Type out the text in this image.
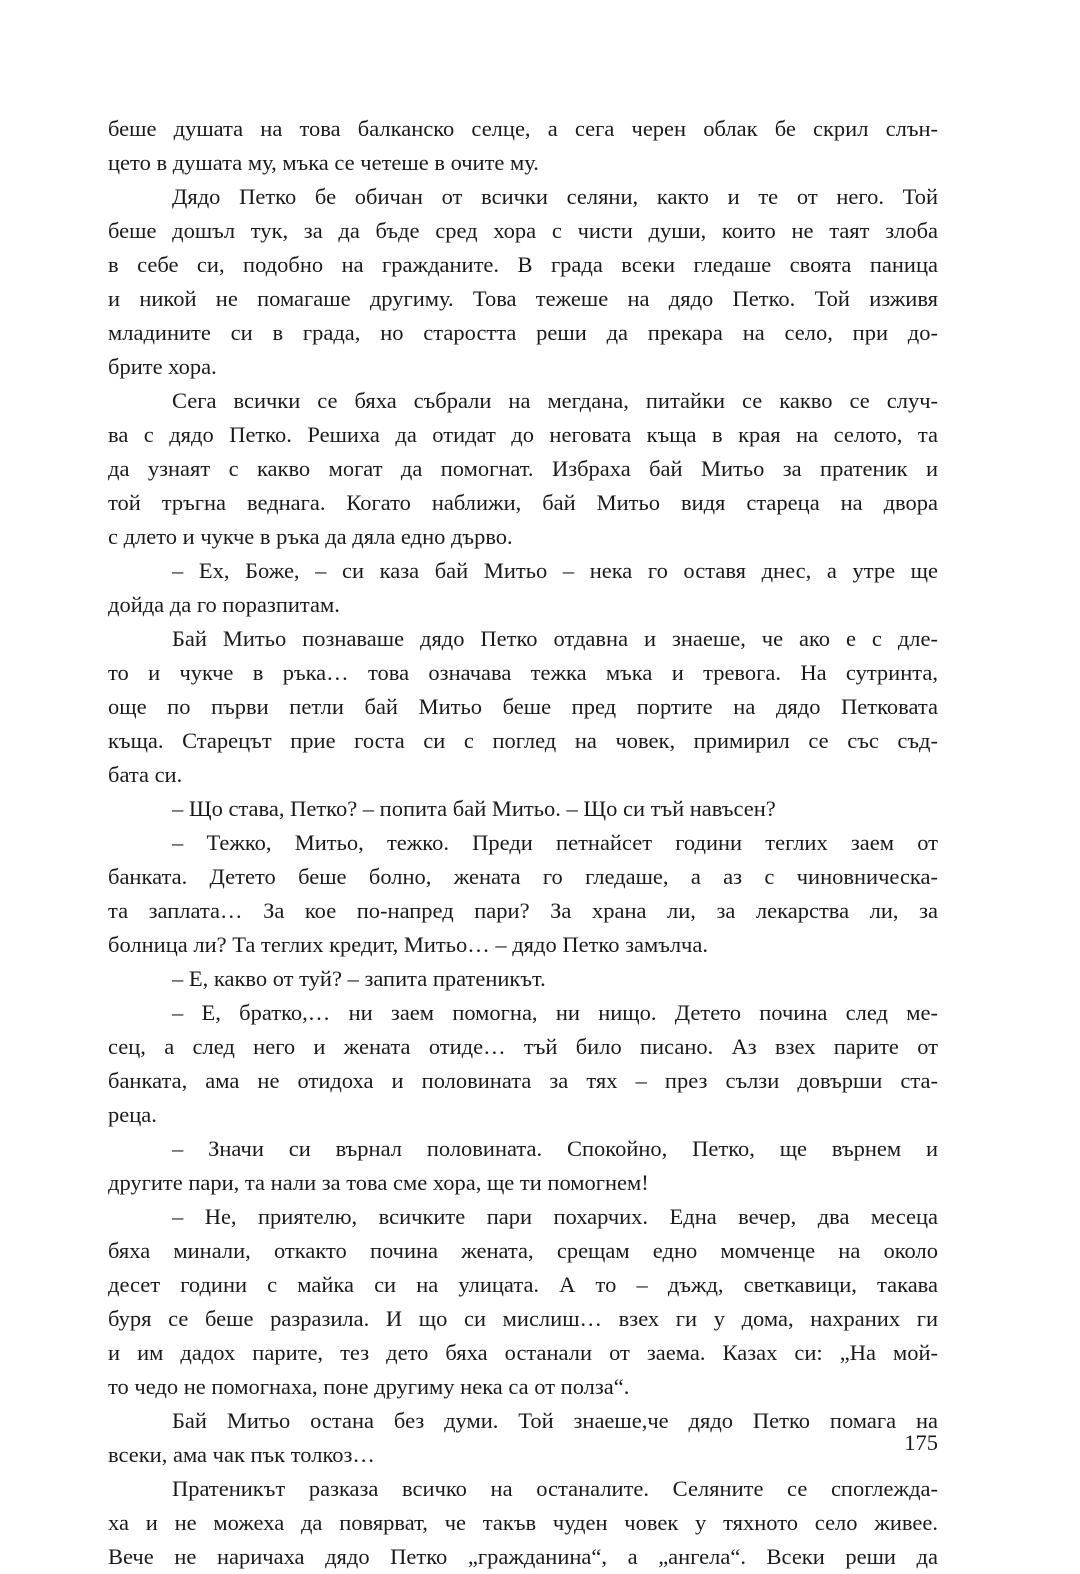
беше душата на това балканско селце, а сега черен облак бе скрил слън-
цето в душата му, мъка се четеше в очите му.
Дядо Петко бе обичан от всички селяни, както и те от него. Той
беше дошъл тук, за да бъде сред хора с чисти души, които не таят злоба
в себе си, подобно на гражданите. В града всеки гледаше своята паница
и никой не помагаше другиму. Това тежеше на дядо Петко. Той изживя
младините си в града, но старостта реши да прекара на село, при до-
брите хора.
Сега всички се бяха събрали на мегдана, питайки се какво се случ-
ва с дядо Петко. Решиха да отидат до неговата къща в края на селото, та
да узнаят с какво могат да помогнат. Избраха бай Митьо за пратеник и
той тръгна веднага. Когато наближи, бай Митьо видя стареца на двора
с длето и чукче в ръка да дяла едно дърво.
– Ех, Боже, – си каза бай Митьо – нека го оставя днес, а утре ще
дойда да го поразпитам.
Бай Митьо познаваше дядо Петко отдавна и знаеше, че ако е с дле-
то и чукче в ръка… това означава тежка мъка и тревога. На сутринта,
още по първи петли бай Митьо беше пред портите на дядо Петковата
къща. Старецът прие госта си с поглед на човек, примирил се със съд-
бата си.
– Що става, Петко? – попита бай Митьо. – Що си тъй навъсен?
– Тежко, Митьо, тежко. Преди петнайсет години теглих заем от
банката. Детето беше болно, жената го гледаше, а аз с чиновническа-
та заплата… За кое по-напред пари? За храна ли, за лекарства ли, за
болница ли? Та теглих кредит, Митьо… – дядо Петко замълча.
– Е, какво от туй? – запита пратеникът.
– Е, братко,… ни заем помогна, ни нищо. Детето почина след ме-
сец, а след него и жената отиде… тъй било писано. Аз взех парите от
банката, ама не отидоха и половината за тях – през сълзи довърши ста-
реца.
– Значи си върнал половината. Спокойно, Петко, ще върнем и
другите пари, та нали за това сме хора, ще ти помогнем!
– Не, приятелю, всичките пари похарчих. Една вечер, два месеца
бяха минали, откакто почина жената, срещам едно момченце на около
десет години с майка си на улицата. А то – дъжд, светкавици, такава
буря се беше разразила. И що си мислиш… взех ги у дома, нахраних ги
и им дадох парите, тез дето бяха останали от заема. Казах си: „На мой-
то чедо не помогнаха, поне другиму нека са от полза“.
Бай Митьо остана без думи. Той знаеше,че дядо Петко помага на
всеки, ама чак пък толкоз…
Пратеникът разказа всичко на останалите. Селяните се споглежда-
ха и не можеха да повярват, че такъв чуден човек у тяхното село живее.
Вече не наричаха дядо Петко „гражданина“, а „ангела“. Всеки реши да
175
